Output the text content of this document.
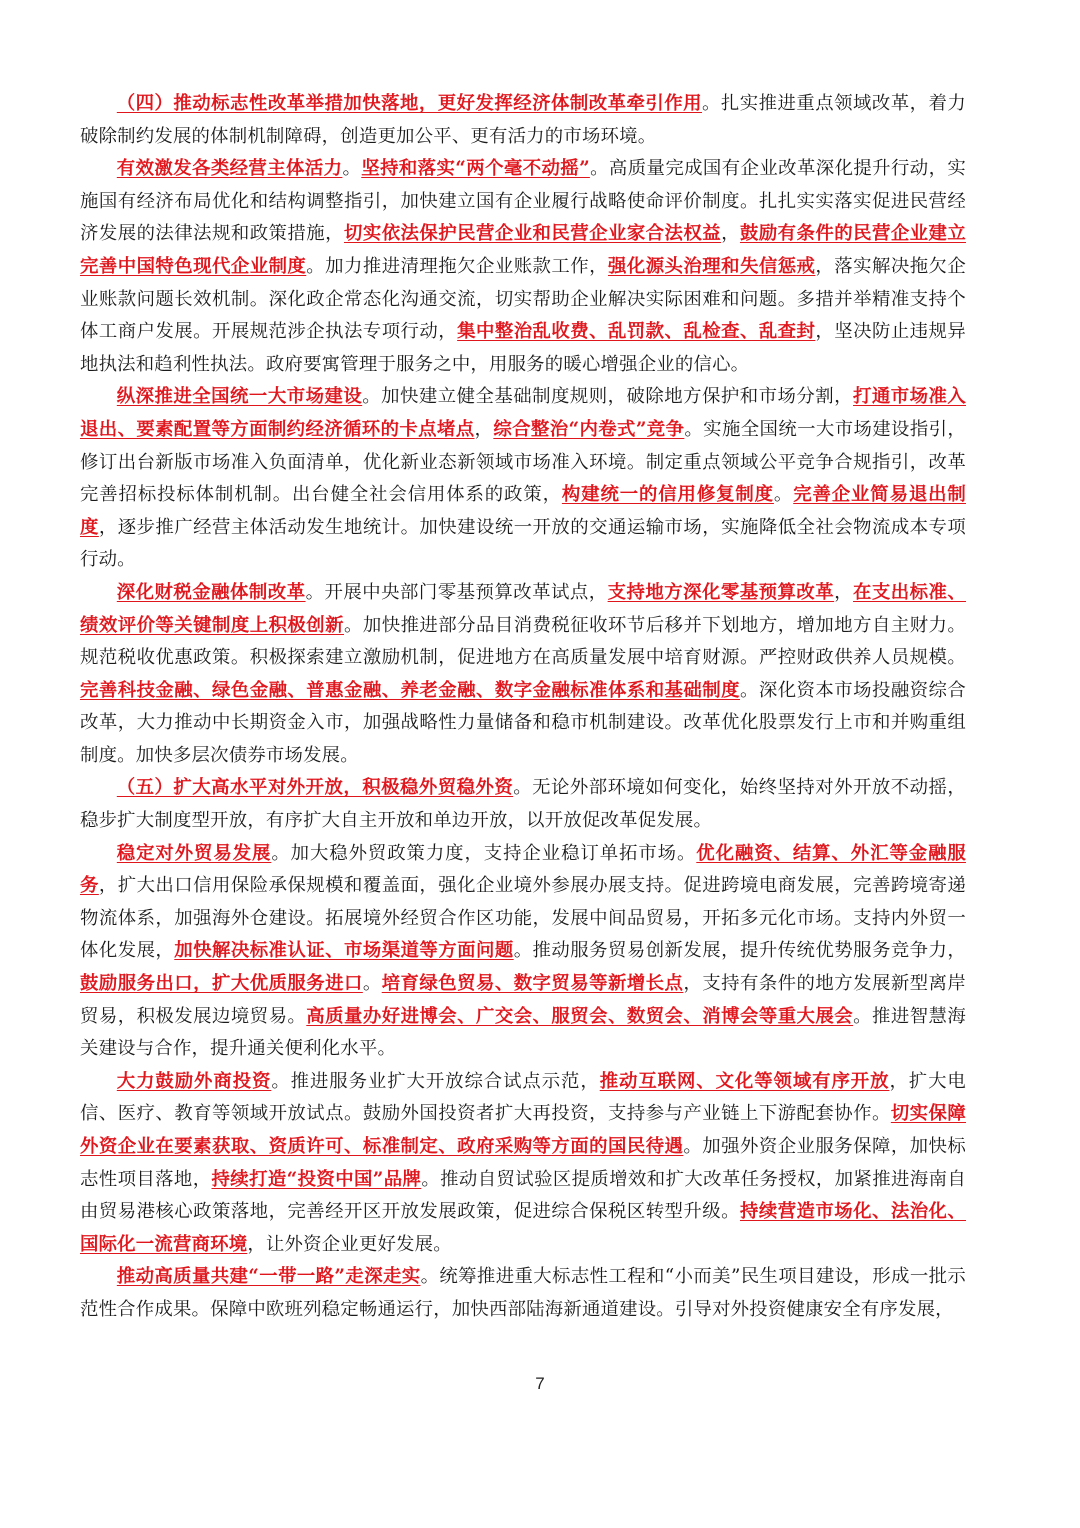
（四）推动标志性改革举措加快落地，更好发挥经济体制改革牵引作用。扎实推进重点领域改革，着力破除制约发展的体制机制障碍，创造更加公平、更有活力的市场环境。

有效激发各类经营主体活力。坚持和落实“两个毫不动摇”。高质量完成国有企业改革深化提升行动，实施国有经济布局优化和结构调整指引，加快建立国有企业履行战略使命评价制度。扎扎实实落实促进民营经济发展的法律法规和政策措施，切实依法保护民营企业和民营企业家合法权益，鼓励有条件的民营企业建立完善中国特色现代企业制度。加力推进清理拖欠企业账款工作，强化源头治理和失信惩戒，落实解决拖欠企业账款问题长效机制。深化政企常态化沟通交流，切实帮助企业解决实际困难和问题。多措并举精准支持个体工商户发展。开展规范涉企执法专项行动，集中整治乱收费、乱罚款、乱检查、乱查封，坚决防止违规异地执法和趋利性执法。政府要寓管理于服务之中，用服务的暖心增强企业的信心。

纵深推进全国统一大市场建设。加快建立健全基础制度规则，破除地方保护和市场分割，打通市场准入退出、要素配置等方面制约经济循环的卡点堵点，综合整治“内卷式”竞争。实施全国统一大市场建设指引，修订出台新版市场准入负面清单，优化新业态新领域市场准入环境。制定重点领域公平竞争合规指引，改革完善招标投标体制机制。出台健全社会信用体系的政策，构建统一的信用修复制度。完善企业简易退出制度，逐步推广经营主体活动发生地统计。加快建设统一开放的交通运输市场，实施降低全社会物流成本专项行动。

深化财税金融体制改革。开展中央部门零基预算改革试点，支持地方深化零基预算改革，在支出标准、绩效评价等关键制度上积极创新。加快推进部分品目消费税征收环节后移并下划地方，增加地方自主财力。规范税收优惠政策。积极探索建立激励机制，促进地方在高质量发展中培育财源。严控财政供养人员规模。完善科技金融、绿色金融、普惠金融、养老金融、数字金融标准体系和基础制度。深化资本市场投融资综合改革，大力推动中长期资金入市，加强战略性力量储备和稳市机制建设。改革优化股票发行上市和并购重组制度。加快多层次债券市场发展。

（五）扩大高水平对外开放，积极稳外贸稳外资。无论外部环境如何变化，始终坚持对外开放不动摇，稳步扩大制度型开放，有序扩大自主开放和单边开放，以开放促改革促发展。

稳定对外贸易发展。加大稳外贸政策力度，支持企业稳订单拓市场。优化融资、结算、外汇等金融服务，扩大出口信用保险承保规模和覆盖面，强化企业境外参展办展支持。促进跨境电商发展，完善跨境寄递物流体系，加强海外仓建设。拓展境外经贸合作区功能，发展中间品贸易，开拓多元化市场。支持内外贸一体化发展，加快解决标准认证、市场渠道等方面问题。推动服务贸易创新发展，提升传统优势服务竞争力，鼓励服务出口，扩大优质服务进口。培育绿色贸易、数字贸易等新增长点，支持有条件的地方发展新型离岸贸易，积极发展边境贸易。高质量办好进博会、广交会、服贸会、数贸会、消博会等重大展会。推进智慧海关建设与合作，提升通关便利化水平。

大力鼓励外商投资。推进服务业扩大开放综合试点示范，推动互联网、文化等领域有序开放，扩大电信、医疗、教育等领域开放试点。鼓励外国投资者扩大再投资，支持参与产业链上下游配套协作。切实保障外资企业在要素获取、资质许可、标准制定、政府采购等方面的国民待遇。加强外资企业服务保障，加快标志性项目落地，持续打造“投资中国”品牌。推动自贸试验区提质增效和扩大改革任务授权，加紧推进海南自由贸易港核心政策落地，完善经开区开放发展政策，促进综合保税区转型升级。持续营造市场化、法治化、国际化一流营商环境，让外资企业更好发展。

推动高质量共建“一带一路”走深走实。统筹推进重大标志性工程和“小而美”民生项目建设，形成一批示范性合作成果。保障中欧班列稳定畅通运行，加快西部陆海新通道建设。引导对外投资健康安全有序发展，

7
